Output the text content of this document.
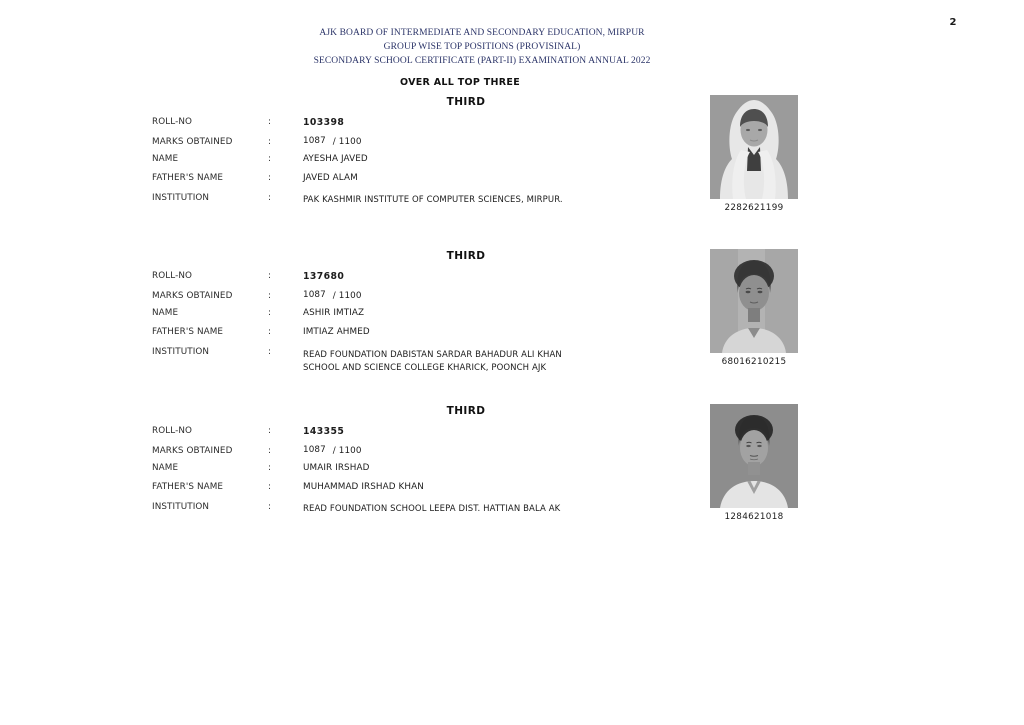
2
AJK BOARD OF INTERMEDIATE AND SECONDARY EDUCATION, MIRPUR
GROUP WISE TOP POSITIONS (PROVISINAL)
SECONDARY SCHOOL CERTIFICATE (PART-II) EXAMINATION ANNUAL 2022
OVER ALL TOP THREE
THIRD
ROLL-NO	:	103398
MARKS OBTAINED	:	1087 / 1100
NAME	:	AYESHA JAVED
FATHER'S NAME	:	JAVED ALAM
INSTITUTION	:	PAK KASHMIR INSTITUTE OF COMPUTER SCIENCES, MIRPUR.
2282621199
THIRD
ROLL-NO	:	137680
MARKS OBTAINED	:	1087 / 1100
NAME	:	ASHIR IMTIAZ
FATHER'S NAME	:	IMTIAZ AHMED
INSTITUTION	:	READ FOUNDATION DABISTAN SARDAR BAHADUR ALI KHAN SCHOOL AND SCIENCE COLLEGE KHARICK, POONCH AJK
68016210215
THIRD
ROLL-NO	:	143355
MARKS OBTAINED	:	1087 / 1100
NAME	:	UMAIR IRSHAD
FATHER'S NAME	:	MUHAMMAD IRSHAD KHAN
INSTITUTION	:	READ FOUNDATION SCHOOL LEEPA DIST. HATTIAN BALA AK
1284621018
